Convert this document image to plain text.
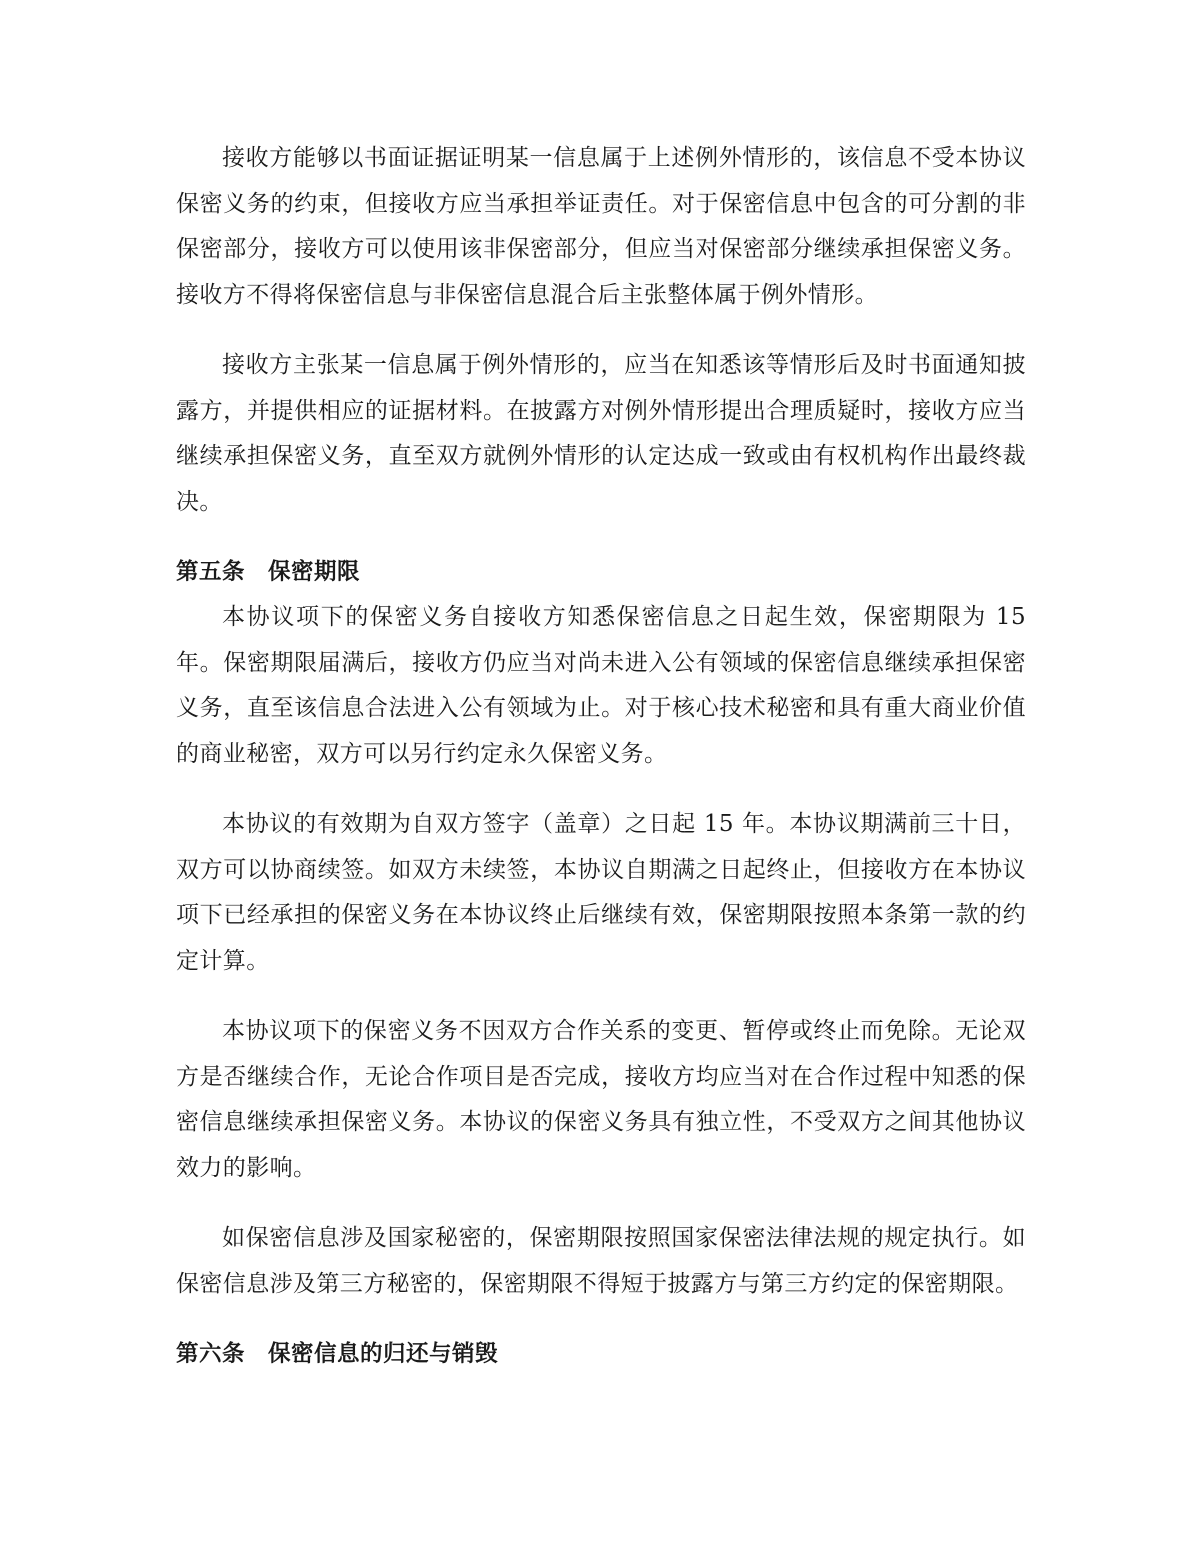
接收方能够以书面证据证明某一信息属于上述例外情形的，该信息不受本协议保密义务的约束，但接收方应当承担举证责任。对于保密信息中包含的可分割的非保密部分，接收方可以使用该非保密部分，但应当对保密部分继续承担保密义务。接收方不得将保密信息与非保密信息混合后主张整体属于例外情形。

接收方主张某一信息属于例外情形的，应当在知悉该等情形后及时书面通知披露方，并提供相应的证据材料。在披露方对例外情形提出合理质疑时，接收方应当继续承担保密义务，直至双方就例外情形的认定达成一致或由有权机构作出最终裁决。

第五条　保密期限

本协议项下的保密义务自接收方知悉保密信息之日起生效，保密期限为 15 年。保密期限届满后，接收方仍应当对尚未进入公有领域的保密信息继续承担保密义务，直至该信息合法进入公有领域为止。对于核心技术秘密和具有重大商业价值的商业秘密，双方可以另行约定永久保密义务。

本协议的有效期为自双方签字（盖章）之日起 15 年。本协议期满前三十日，双方可以协商续签。如双方未续签，本协议自期满之日起终止，但接收方在本协议项下已经承担的保密义务在本协议终止后继续有效，保密期限按照本条第一款的约定计算。

本协议项下的保密义务不因双方合作关系的变更、暂停或终止而免除。无论双方是否继续合作，无论合作项目是否完成，接收方均应当对在合作过程中知悉的保密信息继续承担保密义务。本协议的保密义务具有独立性，不受双方之间其他协议效力的影响。

如保密信息涉及国家秘密的，保密期限按照国家保密法律法规的规定执行。如保密信息涉及第三方秘密的，保密期限不得短于披露方与第三方约定的保密期限。

第六条　保密信息的归还与销毁
